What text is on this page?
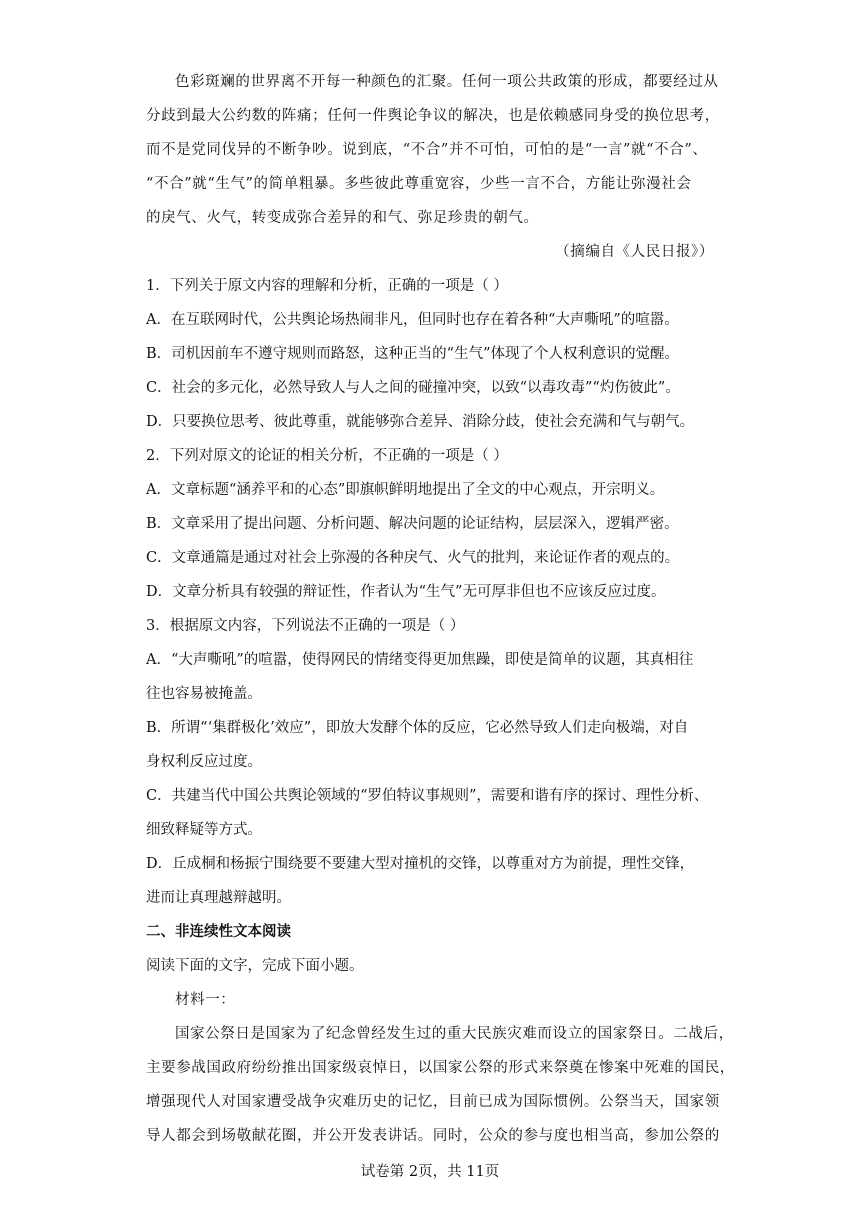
色彩斑斓的世界离不开每一种颜色的汇聚。任何一项公共政策的形成，都要经过从
分歧到最大公约数的阵痛；任何一件舆论争议的解决，也是依赖感同身受的换位思考，
而不是党同伐异的不断争吵。说到底，“不合”并不可怕，可怕的是“一言”就“不合”、
“不合”就“生气”的简单粗暴。多些彼此尊重宽容，少些一言不合，方能让弥漫社会
的戾气、火气，转变成弥合差异的和气、弥足珍贵的朝气。
（摘编自《人民日报》）
1．下列关于原文内容的理解和分析，正确的一项是（ ）
A．在互联网时代，公共舆论场热闹非凡，但同时也存在着各种“大声嘶吼”的喧嚣。
B．司机因前车不遵守规则而路怒，这种正当的“生气”体现了个人权利意识的觉醒。
C．社会的多元化，必然导致人与人之间的碰撞冲突，以致“以毒攻毒”“灼伤彼此”。
D．只要换位思考、彼此尊重，就能够弥合差异、消除分歧，使社会充满和气与朝气。
2．下列对原文的论证的相关分析，不正确的一项是（ ）
A．文章标题“涵养平和的心态”即旗帜鲜明地提出了全文的中心观点，开宗明义。
B．文章采用了提出问题、分析问题、解决问题的论证结构，层层深入，逻辑严密。
C．文章通篇是通过对社会上弥漫的各种戾气、火气的批判，来论证作者的观点的。
D．文章分析具有较强的辩证性，作者认为“生气”无可厚非但也不应该反应过度。
3．根据原文内容，下列说法不正确的一项是（ ）
A．“大声嘶吼”的喧嚣，使得网民的情绪变得更加焦躁，即使是简单的议题，其真相往
往也容易被掩盖。
B．所谓“‘集群极化’效应”，即放大发酵个体的反应，它必然导致人们走向极端，对自
身权利反应过度。
C．共建当代中国公共舆论领域的“罗伯特议事规则”，需要和谐有序的探讨、理性分析、
细致释疑等方式。
D．丘成桐和杨振宁围绕要不要建大型对撞机的交锋，以尊重对方为前提，理性交锋，
进而让真理越辩越明。
二、非连续性文本阅读
阅读下面的文字，完成下面小题。
材料一：
国家公祭日是国家为了纪念曾经发生过的重大民族灾难而设立的国家祭日。二战后，
主要参战国政府纷纷推出国家级哀悼日，以国家公祭的形式来祭奠在惨案中死难的国民，
增强现代人对国家遭受战争灾难历史的记忆，目前已成为国际惯例。公祭当天，国家领
导人都会到场敬献花圈，并公开发表讲话。同时，公众的参与度也相当高，参加公祭的
试卷第 2页，共 11页
